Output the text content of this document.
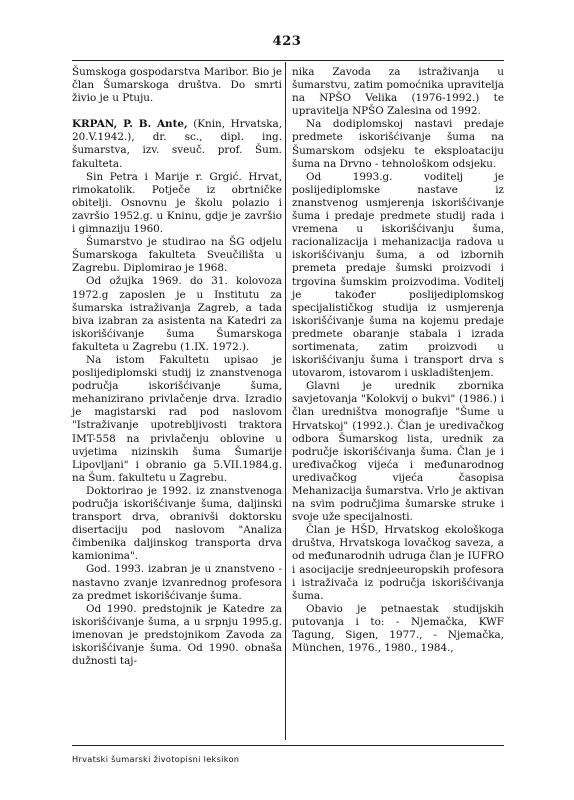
423

Šumskoga gospodarstva Maribor. Bio je član Šumarskoga društva. Do smrti živio je u Ptuju.

KRPAN, P. B. Ante, (Knin, Hrvatska, 20.V.1942.), dr. sc., dipl. ing. šumarstva, izv. sveuč. prof. Šum. fakulteta.

Sin Petra i Marije r. Grgić. Hrvat, rimokatolik. Potječe iz obrtničke obitelji. Osnovnu je školu polazio i završio 1952.g. u Kninu, gdje je završio i gimnaziju 1960.

Šumarstvo je studirao na ŠG odjelu Šumarskoga fakulteta Sveučilišta u Zagrebu. Diplomirao je 1968.

Od ožujka 1969. do 31. kolovoza 1972.g zaposlen je u Institutu za šumarska istraživanja Zagreb, a tada biva izabran za asistenta na Katedri za iskorišćivanje šuma Šumarskoga fakulteta u Zagrebu (1.IX. 1972.).

Na istom Fakultetu upisao je poslijediplomski studij iz znanstvenoga područja iskorišćivanje šuma, mehanizirano privlačenje drva. Izradio je magistarski rad pod naslovom "Istraživanje upotrebljivosti traktora IMT-558 na privlačenju oblovine u uvjetima nizinskih šuma Šumarije Lipovljani" i obranio ga 5.VII.1984.g. na Šum. fakultetu u Zagrebu.

Doktorirao je 1992. iz znanstvenoga područja iskorišćivanje šuma, daljinski transport drva, obranivši doktorsku disertaciju pod naslovom "Analiza čimbenika daljinskog transporta drva kamionima".

God. 1993. izabran je u znanstveno - nastavno zvanje izvanrednog profesora za predmet iskorišćivanje šuma.

Od 1990. predstojnik je Katedre za iskorišćivanje šuma, a u srpnju 1995.g. imenovan je predstojnikom Zavoda za iskorišćivanje šuma. Od 1990. obnaša dužnosti taj-

nika Zavoda za istraživanja u šumarstvu, zatim pomoćnika upravitelja na NPŠO Velika (1976-1992.) te upravitelja NPŠO Zalesina od 1992.

Na dodiplomskoj nastavi predaje predmete iskorišćivanje šuma na Šumarskom odsjeku te eksploataciju šuma na Drvno - tehnološkom odsjeku.

Od 1993.g. voditelj je poslijediplomske nastave iz znanstvenog usmjerenja iskorišćivanje šuma i predaje predmete studij rada i vremena u iskorišćivanju šuma, racionalizacija i mehanizacija radova u iskorišćivanju šuma, a od izbornih premeta predaje šumski proizvodi i trgovina šumskim proizvodima. Voditelj je također poslijediplomskog specijalističkog studija iz usmjerenja iskorišćivanje šuma na kojemu predaje predmete obaranje stabala i izrada sortimenata, zatim proizvodi u iskorišćivanju šuma i transport drva s utovarom, istovarom i uskladištenjem.

Glavni je urednik zbornika savjetovanja "Kolokvij o bukvi" (1986.) i član uredništva monografije "Šume u Hrvatskoj" (1992.). Član je uredivačkog odbora Šumarskog lista, urednik za područje iskorišćivanja šuma. Član je i uređivačkog vijeća i međunarodnog uredivačkog vijeća časopisa Mehanizacija šumarstva. Vrlo je aktivan na svim područjima šumarske struke i svoje uže specijalnosti.

Član je HŠD, Hrvatskog ekološkoga društva, Hrvatskoga lovačkog saveza, a od međunarodnih udruga član je IUFRO i asocijacije srednjeeuropskih profesora i istraživača iz područja iskorišćivanja šuma.

Obavio je petnaestak studijskih putovanja i to: - Njemačka, KWF Tagung, Sigen, 1977., - Njemačka, München, 1976., 1980., 1984.,

Hrvatski šumarski životopisni leksikon
